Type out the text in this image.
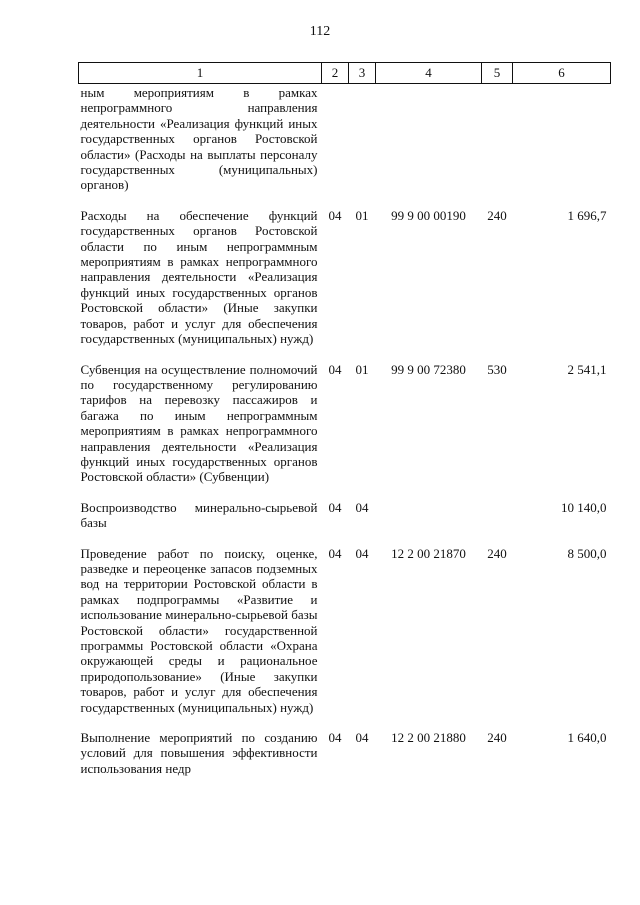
112
1	2	3	4	5	6
ным мероприятиям в рамках непрограммного направления деятельности «Реализация функций иных государственных органов Ростовской области» (Расходы на выплаты персоналу государственных (муниципальных) органов)					
Расходы на обеспечение функций государственных органов Ростовской области по иным непрограммным мероприятиям в рамках непрограммного направления деятельности «Реализация функций иных государственных органов Ростовской области» (Иные закупки товаров, работ и услуг для обеспечения государственных (муниципальных) нужд)	04	01	99 9 00 00190	240	1 696,7
Субвенция на осуществление полномочий по государственному регулированию тарифов на перевозку пассажиров и багажа по иным непрограммным мероприятиям в рамках непрограммного направления деятельности «Реализация функций иных государственных органов Ростовской области» (Субвенции)	04	01	99 9 00 72380	530	2 541,1
Воспроизводство минерально-сырьевой базы	04	04			10 140,0
Проведение работ по поиску, оценке, разведке и переоценке запасов подземных вод на территории Ростовской области в рамках подпрограммы «Развитие и использование минерально-сырьевой базы Ростовской области» государственной программы Ростовской области «Охрана окружающей среды и рациональное природопользование» (Иные закупки товаров, работ и услуг для обеспечения государственных (муниципальных) нужд)	04	04	12 2 00 21870	240	8 500,0
Выполнение мероприятий по созданию условий для повышения эффективности использования недр	04	04	12 2 00 21880	240	1 640,0
